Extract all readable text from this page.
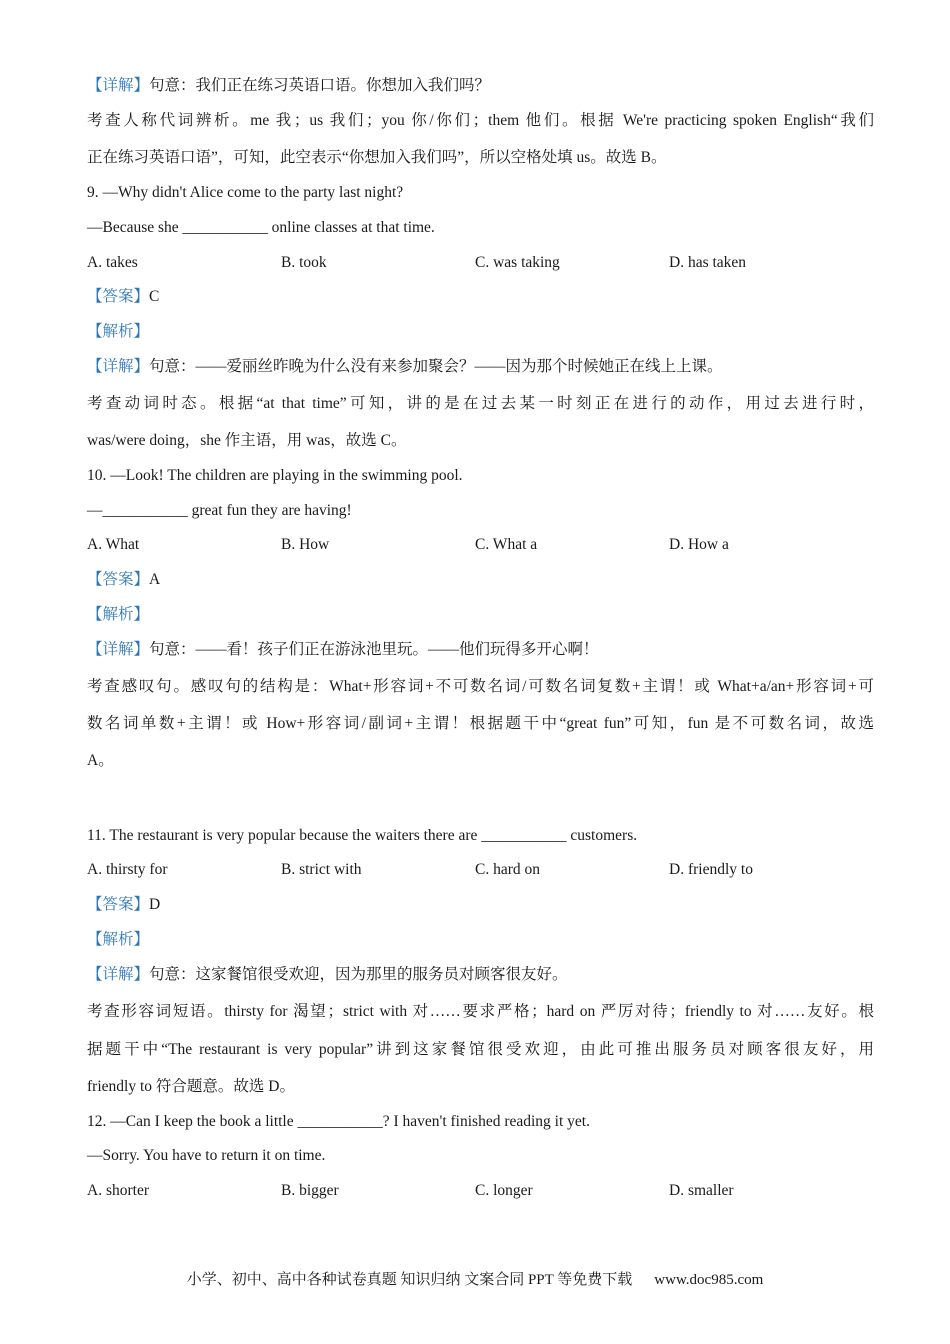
【详解】句意：我们正在练习英语口语。你想加入我们吗？
考查人称代词辨析。me 我；us 我们；you 你/你们；them 他们。根据 We're practicing spoken English“我们
正在练习英语口语”，可知，此空表示“你想加入我们吗”，所以空格处填 us。故选 B。
9. —Why didn't Alice come to the party last night?
—Because she ___________ online classes at that time.
A. takes	B. took	C. was taking	D. has taken
【答案】C
【解析】
【详解】句意：——爱丽丝昨晚为什么没有来参加聚会？——因为那个时候她正在线上上课。
考查动词时态。根据“at that time”可知，讲的是在过去某一时刻正在进行的动作，用过去进行时，
was/were doing，she 作主语，用 was，故选 C。
10. —Look! The children are playing in the swimming pool.
—___________ great fun they are having!
A. What	B. How	C. What a	D. How a
【答案】A
【解析】
【详解】句意：——看！孩子们正在游泳池里玩。——他们玩得多开心啊！
考查感叹句。感叹句的结构是：What+形容词+不可数名词/可数名词复数+主谓！或 What+a/an+形容词+可
数名词单数+主谓！或 How+形容词/副词+主谓！根据题干中“great fun”可知，fun 是不可数名词，故选
A。
11. The restaurant is very popular because the waiters there are ___________ customers.
A. thirsty for	B. strict with	C. hard on	D. friendly to
【答案】D
【解析】
【详解】句意：这家餐馆很受欢迎，因为那里的服务员对顾客很友好。
考查形容词短语。thirsty for 渴望；strict with 对……要求严格；hard on 严厉对待；friendly to 对……友好。根
据题干中“The restaurant is very popular”讲到这家餐馆很受欢迎，由此可推出服务员对顾客很友好，用
friendly to 符合题意。故选 D。
12. —Can I keep the book a little ___________? I haven't finished reading it yet.
—Sorry. You have to return it on time.
A. shorter	B. bigger	C. longer	D. smaller
小学、初中、高中各种试卷真题 知识归纳 文案合同 PPT 等免费下载 www.doc985.com
